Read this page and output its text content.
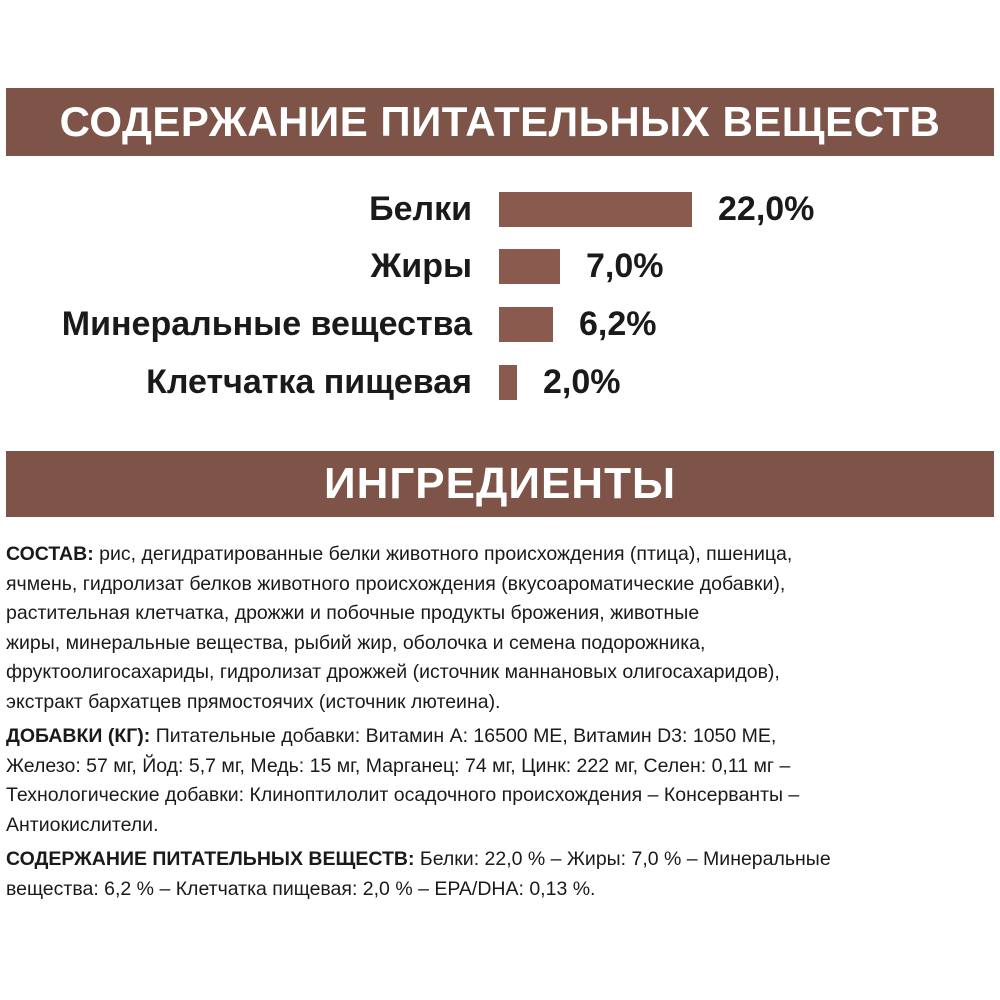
СОДЕРЖАНИЕ ПИТАТЕЛЬНЫХ ВЕЩЕСТВ
Белки	22,0%
Жиры	7,0%
Минеральные вещества	6,2%
Клетчатка пищевая 2,0%
ИНГРЕДИЕНТЫ
СОСТАВ: рис, дегидратированные белки животного происхождения (птица), пшеница,
ячмень, гидролизат белков животного происхождения (вкусоароматические добавки),
растительная клетчатка, дрожжи и побочные продукты брожения, животные
жиры, минеральные вещества, рыбий жир, оболочка и семена подорожника,
фруктоолигосахариды, гидролизат дрожжей (источник маннановых олигосахаридов),
экстракт бархатцев прямостоячих (источник лютеина).
ДОБАВКИ (КГ): Питательные добавки: Витамин А: 16500 МЕ, Витамин D3: 1050 МЕ,
Железо: 57 мг, Йод: 5,7 мг, Медь: 15 мг, Марганец: 74 мг, Цинк: 222 мг, Селен: 0,11 мг –
Технологические добавки: Клиноптилолит осадочного происхождения – Консерванты –
Антиокислители.
СОДЕРЖАНИЕ ПИТАТЕЛЬНЫХ ВЕЩЕСТВ: Белки: 22,0 % – Жиры: 7,0 % – Минеральные
вещества: 6,2 % – Клетчатка пищевая: 2,0 % – EPA/DHA: 0,13 %.
